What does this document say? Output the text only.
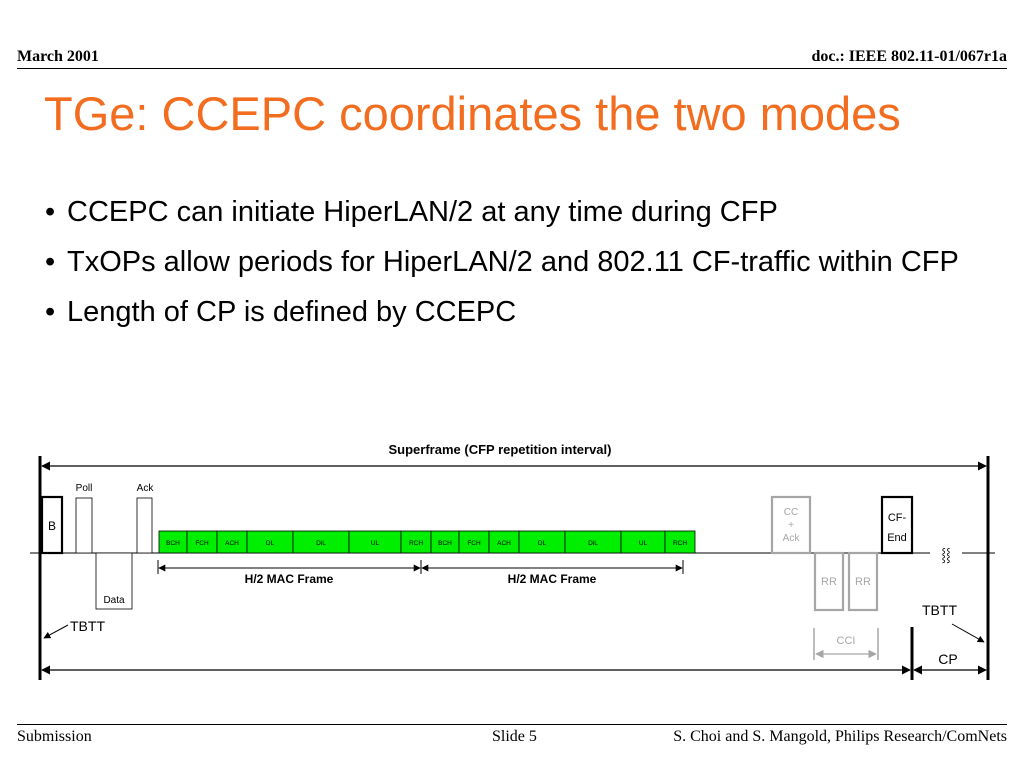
March 2001	doc.: IEEE 802.11-01/067r1a
TGe: CCEPC coordinates the two modes
• CCEPC can initiate HiperLAN/2 at any time during CFP
• TxOPs allow periods for HiperLAN/2 and 802.11 CF-traffic within CFP
• Length of CP is defined by CCEPC
Superframe (CFP repetition interval)
⸾⸾
B
Poll
Data
Ack
BCH FCH	ACH	DL	DiL	UL	RCH BCH FCH	ACH	DL	DiL	UL	RCH
H/2 MAC Frame	H/2 MAC Frame
CC
+
Ack
RR RR
CCI
CF-
End
CP
TBTT
TBTT
Submission	Slide 5	S. Choi and S. Mangold, Philips Research/ComNets
